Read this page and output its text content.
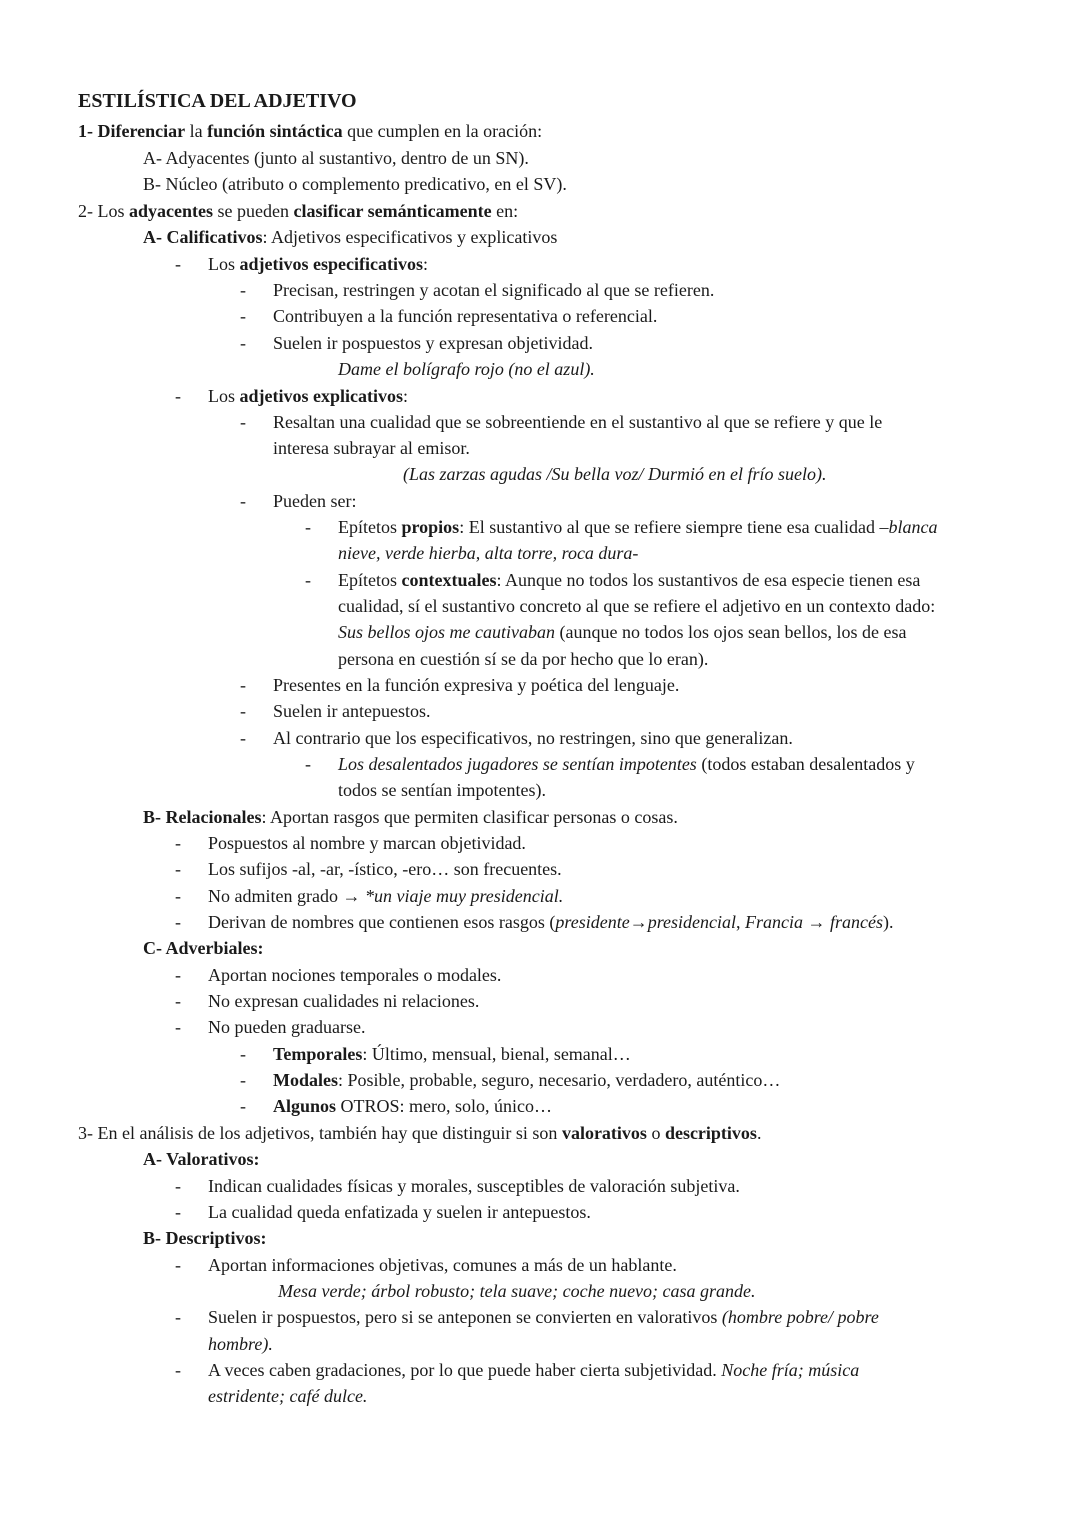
ESTILÍSTICA DEL ADJETIVO
1- Diferenciar la función sintáctica que cumplen en la oración:
A- Adyacentes (junto al sustantivo, dentro de un SN).
B- Núcleo (atributo o complemento predicativo, en el SV).
2- Los adyacentes se pueden clasificar semánticamente en:
A- Calificativos: Adjetivos especificativos y explicativos
- Los adjetivos especificativos:
- Precisan, restringen y acotan el significado al que se refieren.
- Contribuyen a la función representativa o referencial.
- Suelen ir pospuestos y expresan objetividad.
Dame el bolígrafo rojo (no el azul).
- Los adjetivos explicativos:
- Resaltan una cualidad que se sobreentiende en el sustantivo al que se refiere y que le
interesa subrayar al emisor.
(Las zarzas agudas /Su bella voz/ Durmió en el frío suelo).
- Pueden ser:
- Epítetos propios: El sustantivo al que se refiere siempre tiene esa cualidad –blanca
nieve, verde hierba, alta torre, roca dura-
- Epítetos contextuales: Aunque no todos los sustantivos de esa especie tienen esa
cualidad, sí el sustantivo concreto al que se refiere el adjetivo en un contexto dado:
Sus bellos ojos me cautivaban (aunque no todos los ojos sean bellos, los de esa
persona en cuestión sí se da por hecho que lo eran).
- Presentes en la función expresiva y poética del lenguaje.
- Suelen ir antepuestos.
- Al contrario que los especificativos, no restringen, sino que generalizan.
- Los desalentados jugadores se sentían impotentes (todos estaban desalentados y
todos se sentían impotentes).
B- Relacionales: Aportan rasgos que permiten clasificar personas o cosas.
- Pospuestos al nombre y marcan objetividad.
- Los sufijos -al, -ar, -ístico, -ero… son frecuentes.
- No admiten grado → *un viaje muy presidencial.
- Derivan de nombres que contienen esos rasgos (presidente→presidencial, Francia → francés).
C- Adverbiales:
- Aportan nociones temporales o modales.
- No expresan cualidades ni relaciones.
- No pueden graduarse.
- Temporales: Último, mensual, bienal, semanal…
- Modales: Posible, probable, seguro, necesario, verdadero, auténtico…
- Algunos OTROS: mero, solo, único…
3- En el análisis de los adjetivos, también hay que distinguir si son valorativos o descriptivos.
A- Valorativos:
- Indican cualidades físicas y morales, susceptibles de valoración subjetiva.
- La cualidad queda enfatizada y suelen ir antepuestos.
B- Descriptivos:
- Aportan informaciones objetivas, comunes a más de un hablante.
Mesa verde; árbol robusto; tela suave; coche nuevo; casa grande.
- Suelen ir pospuestos, pero si se anteponen se convierten en valorativos (hombre pobre/ pobre
hombre).
- A veces caben gradaciones, por lo que puede haber cierta subjetividad. Noche fría; música
estridente; café dulce.
